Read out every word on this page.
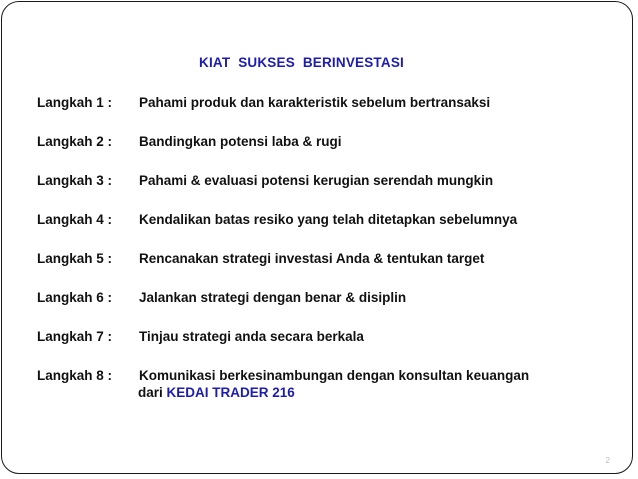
KIAT  SUKSES  BERINVESTASI

Langkah 1 :Pahami produk dan karakteristik sebelum bertransaksi
Langkah 2 :Bandingkan potensi laba & rugi
Langkah 3 :Pahami & evaluasi potensi kerugian serendah mungkin
Langkah 4 :Kendalikan batas resiko yang telah ditetapkan sebelumnya
Langkah 5 :Rencanakan strategi investasi Anda & tentukan target
Langkah 6 :Jalankan strategi dengan benar & disiplin
Langkah 7 :Tinjau strategi anda secara berkala
Langkah 8 :Komunikasi berkesinambungan dengan konsultan keuangan
dari KEDAI TRADER 216
2
